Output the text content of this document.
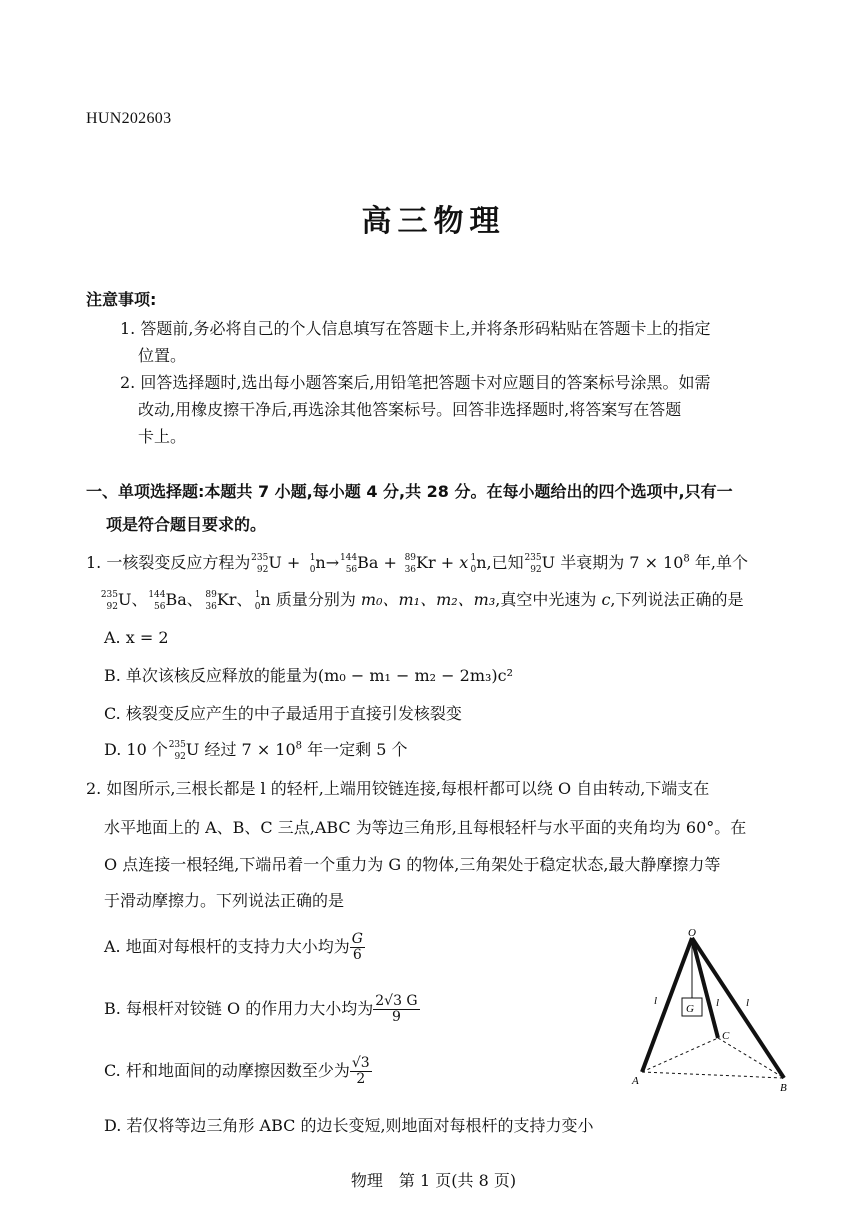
HUN202603
高三物理
注意事项:
1. 答题前,务必将自己的个人信息填写在答题卡上,并将条形码粘贴在答题卡上的指定
位置。
2. 回答选择题时,选出每小题答案后,用铅笔把答题卡对应题目的答案标号涂黑。如需
改动,用橡皮擦干净后,再选涂其他答案标号。回答非选择题时,将答案写在答题
卡上。
一、单项选择题:本题共 7 小题,每小题 4 分,共 28 分。在每小题给出的四个选项中,只有一
项是符合题目要求的。
1. 一核裂变反应方程为 235
92 U + 1
0 n→ 144
56 Ba + 89
36 Kr + x 1
0 n,已知 235
92 U 半衰期为 $7 \times 10^8$ 年,单个
235
92 U、 144
56 Ba、 89
36 Kr、 1
0 n 质量分别为 m₀、m₁、m₂、m₃,真空中光速为 c,下列说法正确的是
A. x = 2
B. 单次该核反应释放的能量为(m₀ − m₁ − m₂ − 2m₃)c²
C. 核裂变反应产生的中子最适用于直接引发核裂变
D. 10 个 235
92 U 经过 $7 \times 10^8$ 年一定剩 5 个
2. 如图所示,三根长都是 l 的轻杆,上端用铰链连接,每根杆都可以绕 O 自由转动,下端支在
水平地面上的 A、B、C 三点,ABC 为等边三角形,且每根轻杆与水平面的夹角均为 60°。在
O 点连接一根轻绳,下端吊着一个重力为 G 的物体,三角架处于稳定状态,最大静摩擦力等
于滑动摩擦力。下列说法正确的是
A. 地面对每根杆的支持力大小均为 $\frac{G}{6}$
B. 每根杆对铰链 O 的作用力大小均为 $\frac{2√3 G}{9}$
C. 杆和地面间的动摩擦因数至少为 $\frac{√3}{2}$
D. 若仅将等边三角形 ABC 的边长变短,则地面对每根杆的支持力变小
G
O
A
B
C
l	l l
物理　第 1 页(共 8 页)
